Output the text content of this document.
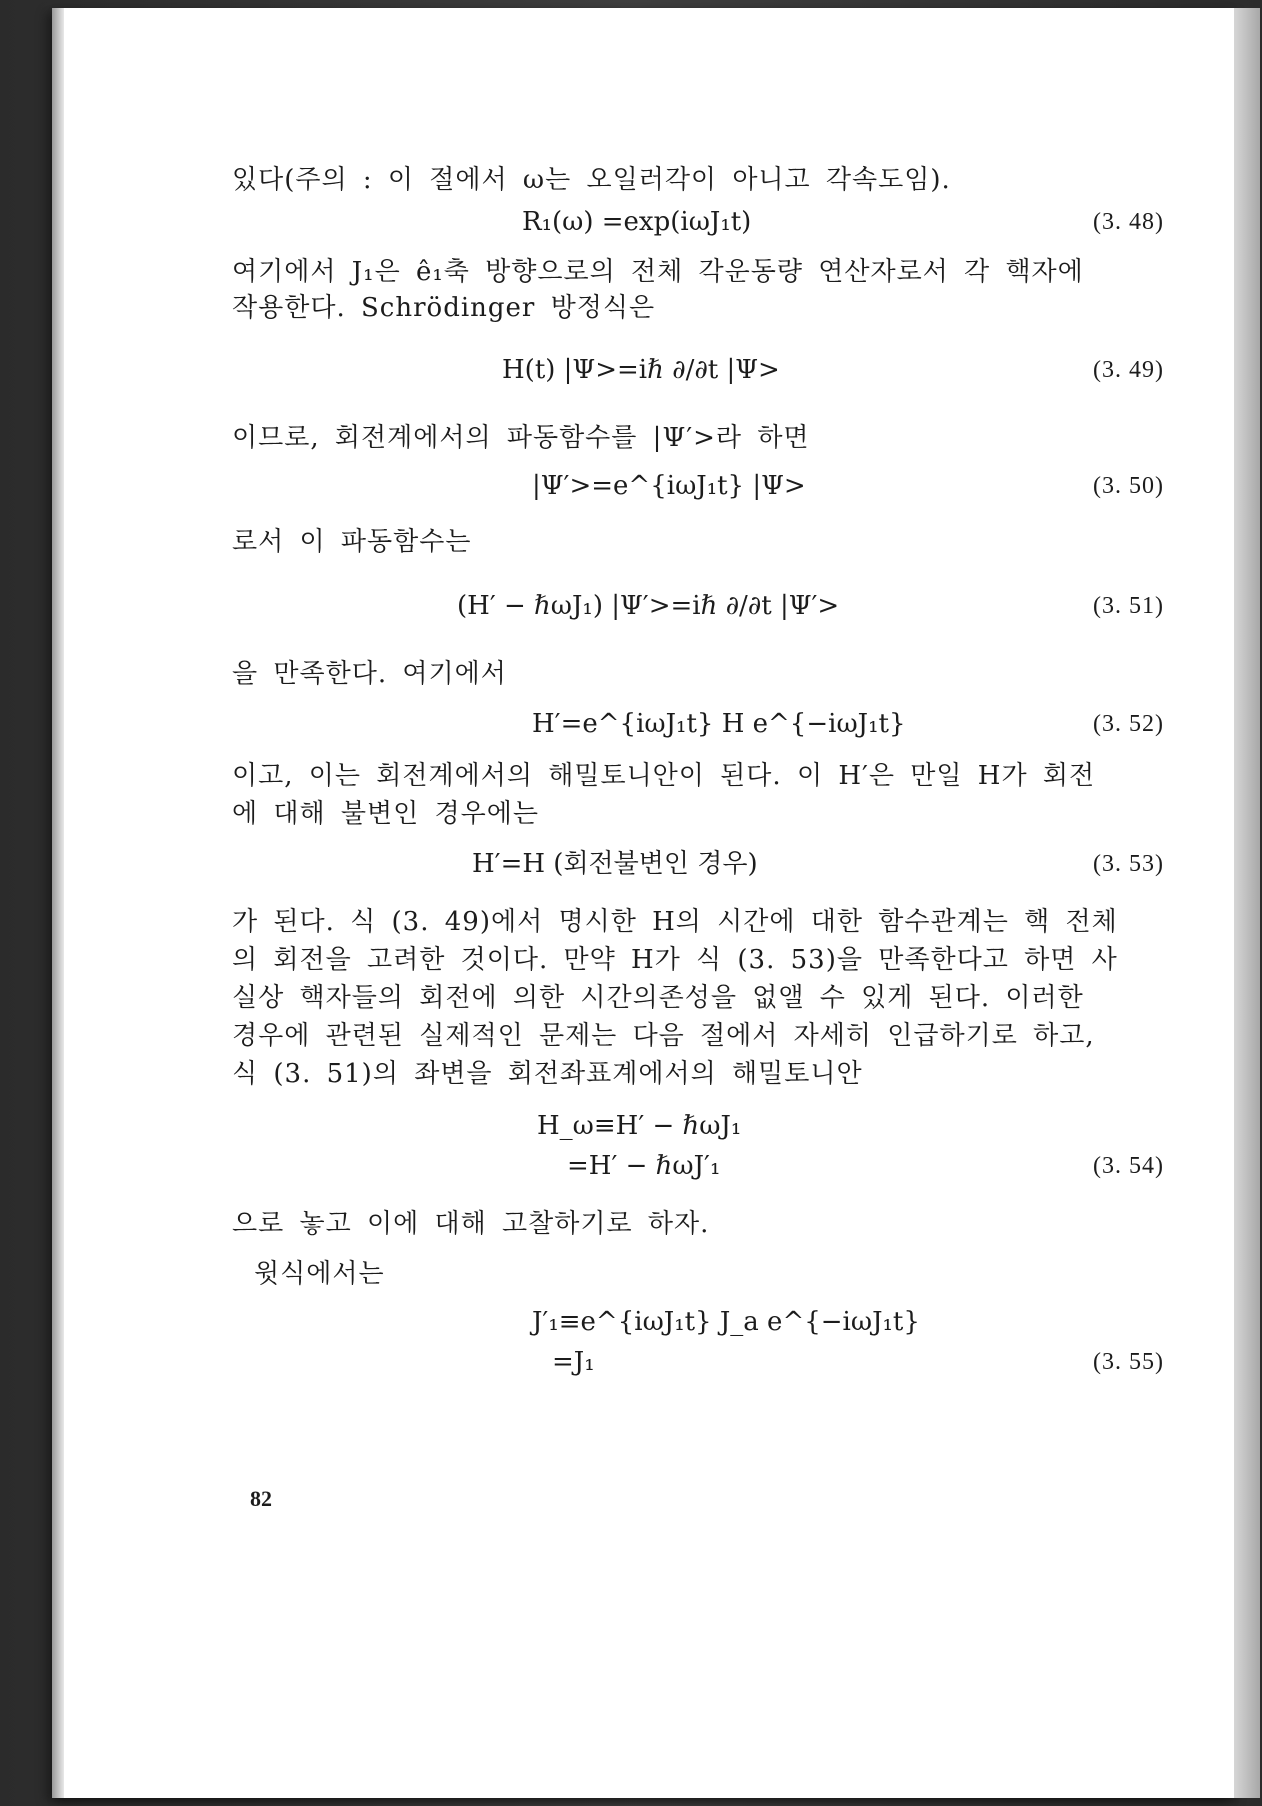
있다(주의 : 이 절에서 ω는 오일러각이 아니고 각속도임).
R₁(ω) =exp(iωJ₁t)	(3. 48)
여기에서 J₁은 ê₁축 방향으로의 전체 각운동량 연산자로서 각 핵자에
작용한다. Schrödinger 방정식은
H(t) |Ψ>=iℏ ∂/∂t |Ψ>	(3. 49)
이므로, 회전계에서의 파동함수를 |Ψ′>라 하면
|Ψ′>=e^{iωJ₁t} |Ψ>	(3. 50)
로서 이 파동함수는
(H′ − ℏωJ₁) |Ψ′>=iℏ ∂/∂t |Ψ′>	(3. 51)
을 만족한다. 여기에서
H′=e^{iωJ₁t} H e^{−iωJ₁t}	(3. 52)
이고, 이는 회전계에서의 해밀토니안이 된다. 이 H′은 만일 H가 회전
에 대해 불변인 경우에는
H′=H (회전불변인 경우)	(3. 53)
가 된다. 식 (3. 49)에서 명시한 H의 시간에 대한 함수관계는 핵 전체
의 회전을 고려한 것이다. 만약 H가 식 (3. 53)을 만족한다고 하면 사
실상 핵자들의 회전에 의한 시간의존성을 없앨 수 있게 된다. 이러한
경우에 관련된 실제적인 문제는 다음 절에서 자세히 인급하기로 하고,
식 (3. 51)의 좌변을 회전좌표계에서의 해밀토니안
H_ω≡H′ − ℏωJ₁
=H′ − ℏωJ′₁	(3. 54)
으로 놓고 이에 대해 고찰하기로 하자.
윗식에서는
J′₁≡e^{iωJ₁t} J_a e^{−iωJ₁t}
=J₁	(3. 55)
82
